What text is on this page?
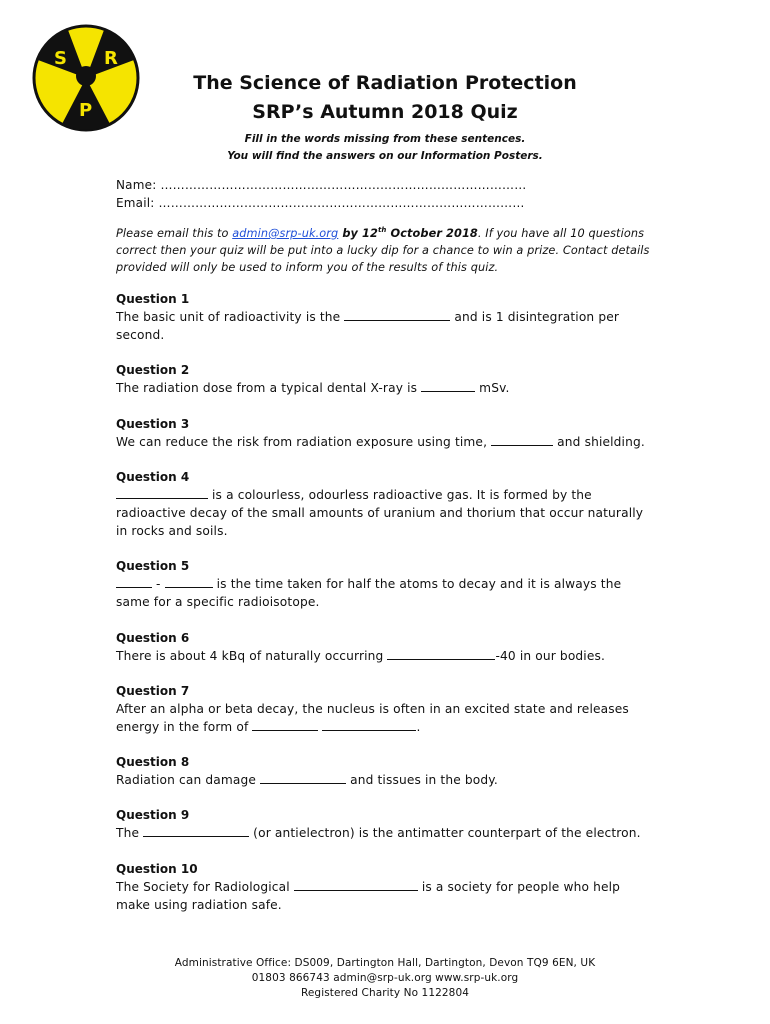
S R
P
The Science of Radiation Protection
SRP’s Autumn 2018 Quiz
Fill in the words missing from these sentences.
You will find the answers on our Information Posters.
Name: ………………………………………………………………………………
Email: ………………………………………………………………………………
Please email this to admin@srp-uk.org by 12th October 2018. If you have all 10 questions correct then your quiz will be put into a lucky dip for a chance to win a prize. Contact details provided will only be used to inform you of the results of this quiz.
Question 1
The basic unit of radioactivity is the	and is 1 disintegration per second.
Question 2
The radiation dose from a typical dental X-ray is	mSv.
Question 3
We can reduce the risk from radiation exposure using time,	and shielding.
Question 4
is a colourless, odourless radioactive gas. It is formed by the radioactive decay of the small amounts of uranium and thorium that occur naturally in rocks and soils.
Question 5
-	is the time taken for half the atoms to decay and it is always the same for a specific radioisotope.
Question 6
There is about 4 kBq of naturally occurring	-40 in our bodies.
Question 7
After an alpha or beta decay, the nucleus is often in an excited state and releases energy in the form of	.
Question 8
Radiation can damage	and tissues in the body.
Question 9
The	(or antielectron) is the antimatter counterpart of the electron.
Question 10
The Society for Radiological	is a society for people who help make using radiation safe.
Administrative Office: DS009, Dartington Hall, Dartington, Devon TQ9 6EN, UK
01803 866743 admin@srp-uk.org www.srp-uk.org
Registered Charity No 1122804
